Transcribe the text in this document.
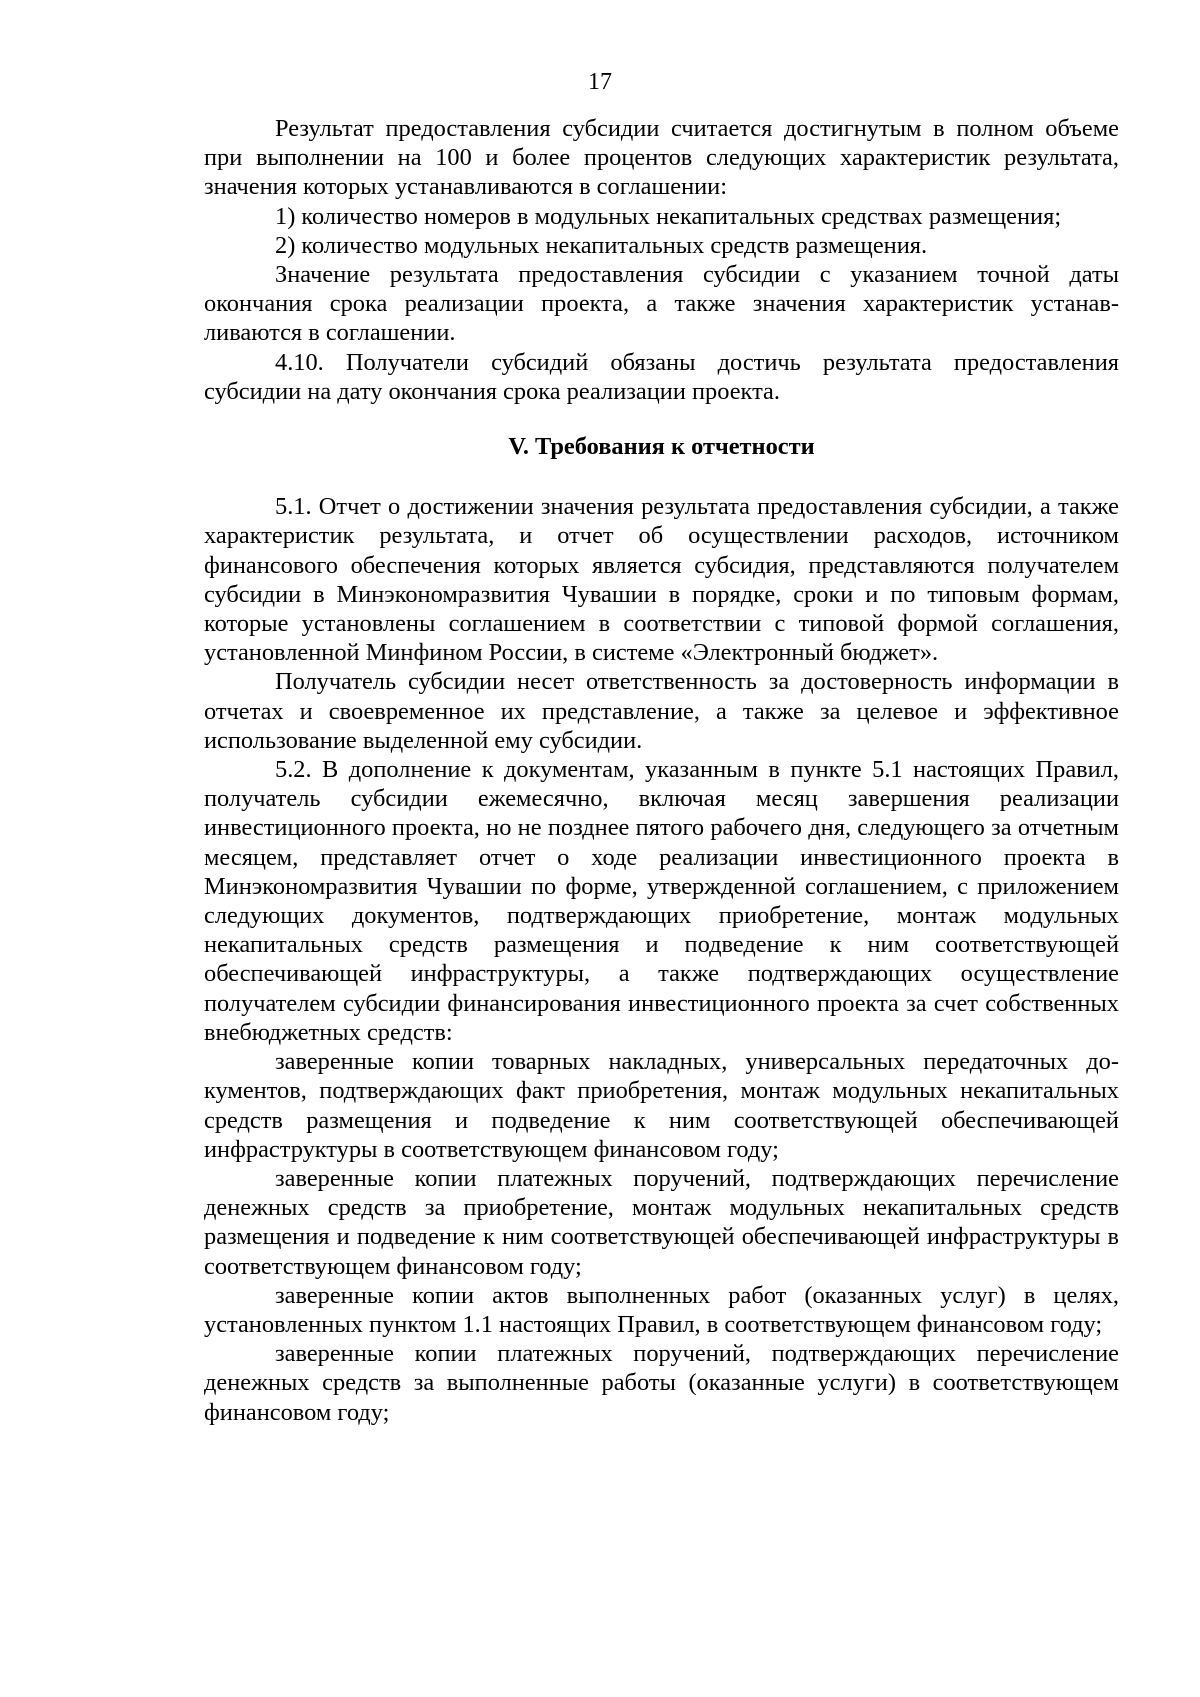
17

Результат предоставления субсидии считается достигнутым в полном объеме при выполнении на 100 и более процентов следующих характеристик результата, значения которых устанавливаются в соглашении:

1) количество номеров в модульных некапитальных средствах размещения;

2) количество модульных некапитальных средств размещения.

Значение результата предоставления субсидии с указанием точной даты окончания срока реализации проекта, а также значения характеристик устанавливаются в соглашении.

4.10. Получатели субсидий обязаны достичь результата предоставления субсидии на дату окончания срока реализации проекта.

V. Требования к отчетности

5.1. Отчет о достижении значения результата предоставления субсидии, а также характеристик результата, и отчет об осуществлении расходов, источником финансового обеспечения которых является субсидия, представляются получателем субсидии в Минэкономразвития Чувашии в порядке, сроки и по типовым формам, которые установлены соглашением в соответствии с типовой формой соглашения, установленной Минфином России, в системе «Электронный бюджет».

Получатель субсидии несет ответственность за достоверность информации в отчетах и своевременное их представление, а также за целевое и эффективное использование выделенной ему субсидии.

5.2. В дополнение к документам, указанным в пункте 5.1 настоящих Правил, получатель субсидии ежемесячно, включая месяц завершения реализации инвестиционного проекта, но не позднее пятого рабочего дня, следующего за отчетным месяцем, представляет отчет о ходе реализации инвестиционного проекта в Минэкономразвития Чувашии по форме, утвержденной соглашением, с приложением следующих документов, подтверждающих приобретение, монтаж модульных некапитальных средств размещения и подведение к ним соответствующей обеспечивающей инфраструктуры, а также подтверждающих осуществление получателем субсидии финансирования инвестиционного проекта за счет собственных внебюджетных средств:

заверенные копии товарных накладных, универсальных передаточных документов, подтверждающих факт приобретения, монтаж модульных некапитальных средств размещения и подведение к ним соответствующей обеспечивающей инфраструктуры в соответствующем финансовом году;

заверенные копии платежных поручений, подтверждающих перечисление денежных средств за приобретение, монтаж модульных некапитальных средств размещения и подведение к ним соответствующей обеспечивающей инфраструктуры в соответствующем финансовом году;

заверенные копии актов выполненных работ (оказанных услуг) в целях, установленных пунктом 1.1 настоящих Правил, в соответствующем финансовом году;

заверенные копии платежных поручений, подтверждающих перечисление денежных средств за выполненные работы (оказанные услуги) в соответствующем финансовом году;
